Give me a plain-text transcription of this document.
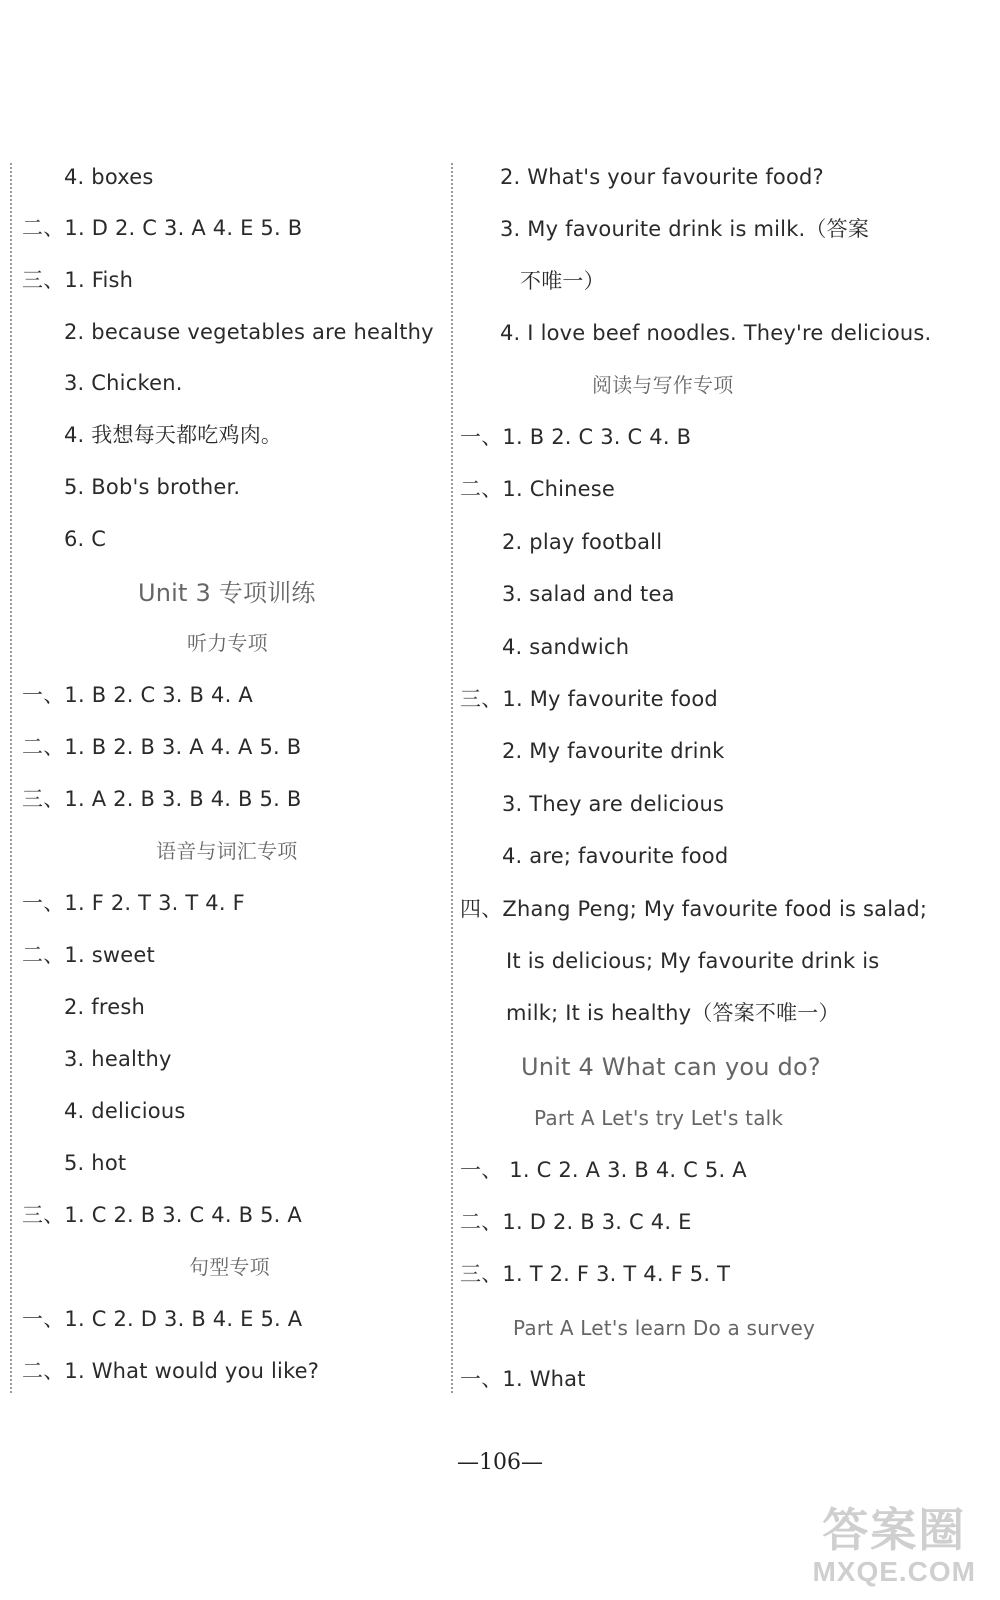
4. boxes
二、1. D 2. C 3. A 4. E 5. B
三、1. Fish
2. because vegetables are healthy
3. Chicken.
4. 我想每天都吃鸡肉。
5. Bob's brother.
6. C
Unit 3 专项训练
听力专项
一、1. B 2. C 3. B 4. A
二、1. B 2. B 3. A 4. A 5. B
三、1. A 2. B 3. B 4. B 5. B
语音与词汇专项
一、1. F 2. T 3. T 4. F
二、1. sweet
2. fresh
3. healthy
4. delicious
5. hot
三、1. C 2. B 3. C 4. B 5. A
句型专项
一、1. C 2. D 3. B 4. E 5. A
二、1. What would you like?
2. What's your favourite food?
3. My favourite drink is milk.（答案
不唯一）
4. I love beef noodles. They're delicious.
阅读与写作专项
一、1. B 2. C 3. C 4. B
二、1. Chinese
2. play football
3. salad and tea
4. sandwich
三、1. My favourite food
2. My favourite drink
3. They are delicious
4. are; favourite food
四、Zhang Peng; My favourite food is salad;
It is delicious; My favourite drink is
milk; It is healthy（答案不唯一）
Unit 4 What can you do?
Part A Let's try Let's talk
一、 1. C 2. A 3. B 4. C 5. A
二、1. D 2. B 3. C 4. E
三、1. T 2. F 3. T 4. F 5. T
Part A Let's learn Do a survey
一、1. What
—106—
答案圈
MXQE.COM
